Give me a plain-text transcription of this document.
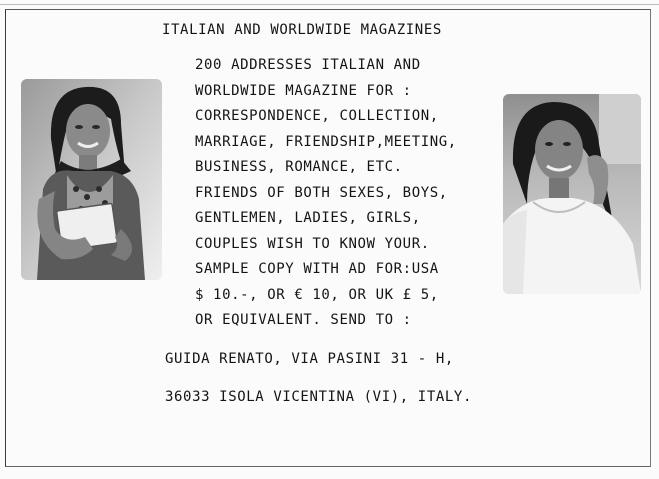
ITALIAN AND WORLDWIDE MAGAZINES
200 ADDRESSES ITALIAN AND
WORLDWIDE MAGAZINE FOR :
CORRESPONDENCE, COLLECTION,
MARRIAGE, FRIENDSHIP,MEETING,
BUSINESS, ROMANCE, ETC.
FRIENDS OF BOTH SEXES, BOYS,
GENTLEMEN, LADIES, GIRLS,
COUPLES WISH TO KNOW YOUR.
SAMPLE COPY WITH AD FOR:USA
$ 10.-, OR € 10, OR UK £ 5,
OR EQUIVALENT. SEND TO :
GUIDA RENATO, VIA PASINI 31 - H,
36033 ISOLA VICENTINA (VI), ITALY.
